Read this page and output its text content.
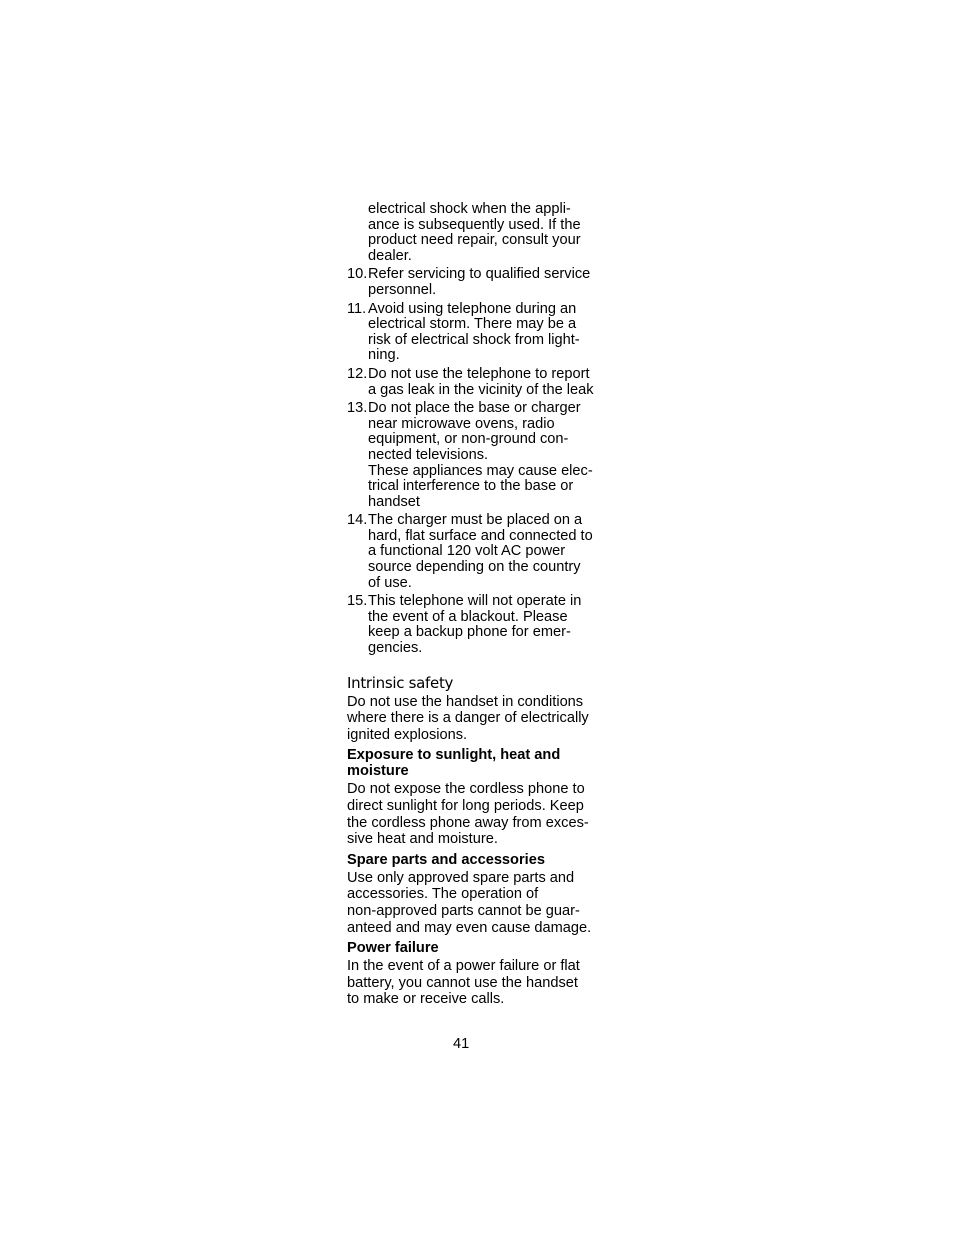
electrical shock when the appli-
ance is subsequently used. If the
product need repair, consult your
dealer.
10. Refer servicing to qualified service
personnel.
11. Avoid using telephone during an
electrical storm. There may be a
risk of electrical shock from light-
ning.
12. Do not use the telephone to report
a gas leak in the vicinity of the leak
13. Do not place the base or charger
near microwave ovens, radio
equipment, or non-ground con-
nected televisions.
These appliances may cause elec-
trical interference to the base or
handset
14. The charger must be placed on a
hard, flat surface and connected to
a functional 120 volt AC power
source depending on the country
of use.
15. This telephone will not operate in
the event of a blackout. Please
keep a backup phone for emer-
gencies.
Intrinsic safety
Do not use the handset in conditions
where there is a danger of electrically
ignited explosions.
Exposure to sunlight, heat and
moisture
Do not expose the cordless phone to
direct sunlight for long periods. Keep
the cordless phone away from exces-
sive heat and moisture.
Spare parts and accessories
Use only approved spare parts and
accessories. The operation of
non-approved parts cannot be guar-
anteed and may even cause damage.
Power failure
In the event of a power failure or flat
battery, you cannot use the handset
to make or receive calls.
41
